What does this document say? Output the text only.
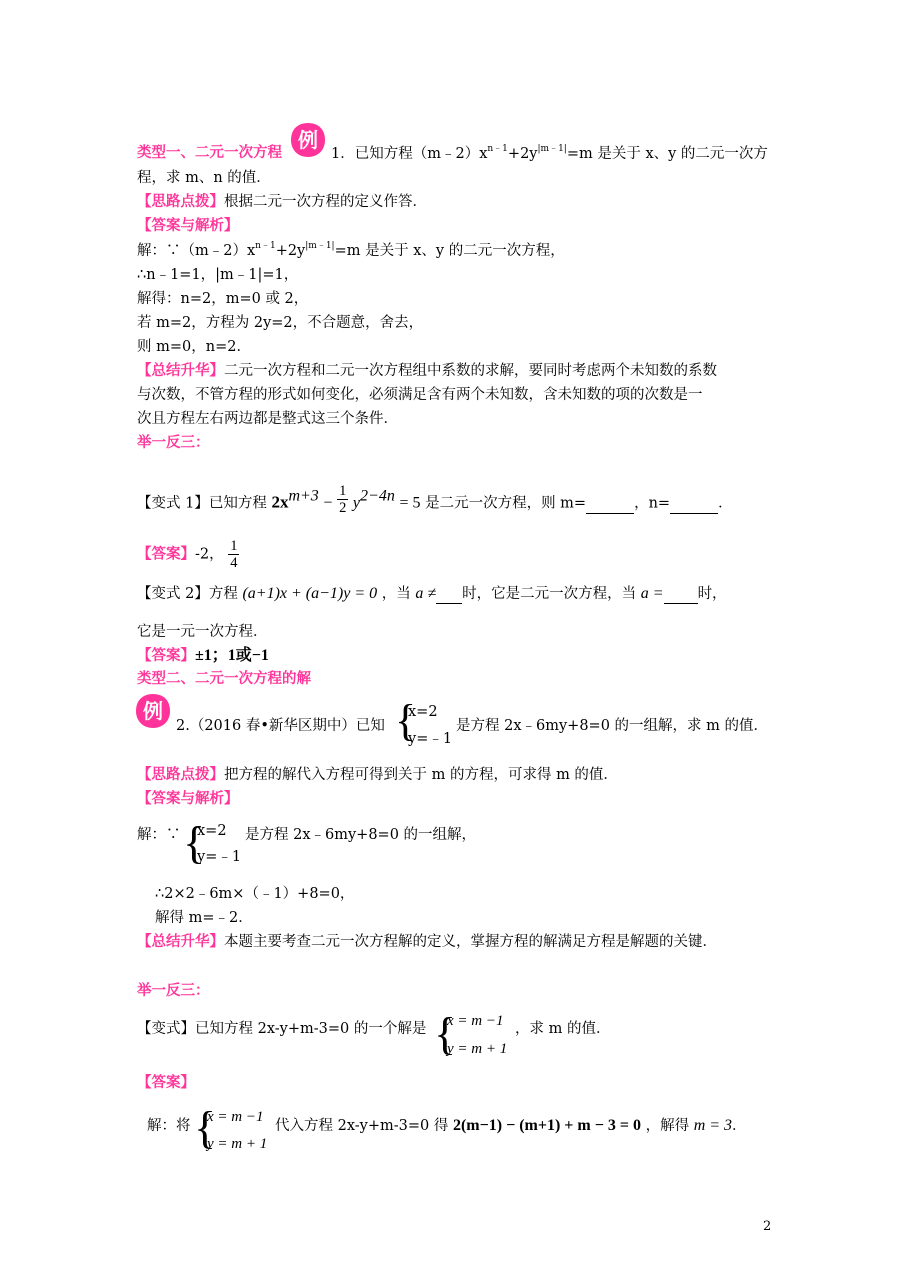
类型一、二元一次方程
例
1．已知方程$(m﹣2)x^{n﹣1}+2y^{|m﹣1|}=m$ 是关于 x、y 的二元一次方
程，求 m、n 的值．
【思路点拨】根据二元一次方程的定义作答．
【答案与解析】
解：$\because(m﹣2)x^{n﹣1}+2y^{|m﹣1|}=m$ 是关于 x、y 的二元一次方程，
∴n﹣1=1，|m﹣1|=1，
解得：n=2，m=0 或 2，
若 m=2，方程为 2y=2，不合题意，舍去，
则 m=0，n=2．
【总结升华】二元一次方程和二元一次方程组中系数的求解，要同时考虑两个未知数的系数
与次数，不管方程的形式如何变化，必须满足含有两个未知数，含未知数的项的次数是一
次且方程左右两边都是整式这三个条件．
举一反三：
【变式 1】已知方程 $2x^{m+3} - \frac{1}{2} y^{2-4n} = 5$ 是二元一次方程，则 m=	，n=	．
【答案】-2， $\frac{1}{4}$
【变式 2】方程 (a+1)x + (a−1)y = 0 ，当 a ≠ 时，它是二元一次方程，当 a = 时，
它是一元一次方程．
【答案】±1；1或−1
类型二、二元一次方程的解
例
2.（2016 春•新华区期中）已知 {
x=2
y=﹣1
是方程 2x﹣6my+8=0 的一组解，求 m 的值．
【思路点拨】把方程的解代入方程可得到关于 m 的方程，可求得 m 的值．
【答案与解析】
解：∵ {
x=2
y=﹣1
是方程 2x﹣6my+8=0 的一组解，
∴2×2﹣6m×（﹣1）+8=0，
解得 m=﹣2．
【总结升华】本题主要考查二元一次方程解的定义，掌握方程的解满足方程是解题的关键．
举一反三：
【变式】已知方程 2x-y+m-3=0 的一个解是 {
x = m −1
y = m + 1
，求 m 的值．
【答案】
解：将 {
x = m −1
y = m + 1
代入方程 2x-y+m-3=0 得 2(m−1) − (m+1) + m − 3 = 0 ，解得 m = 3．
2
